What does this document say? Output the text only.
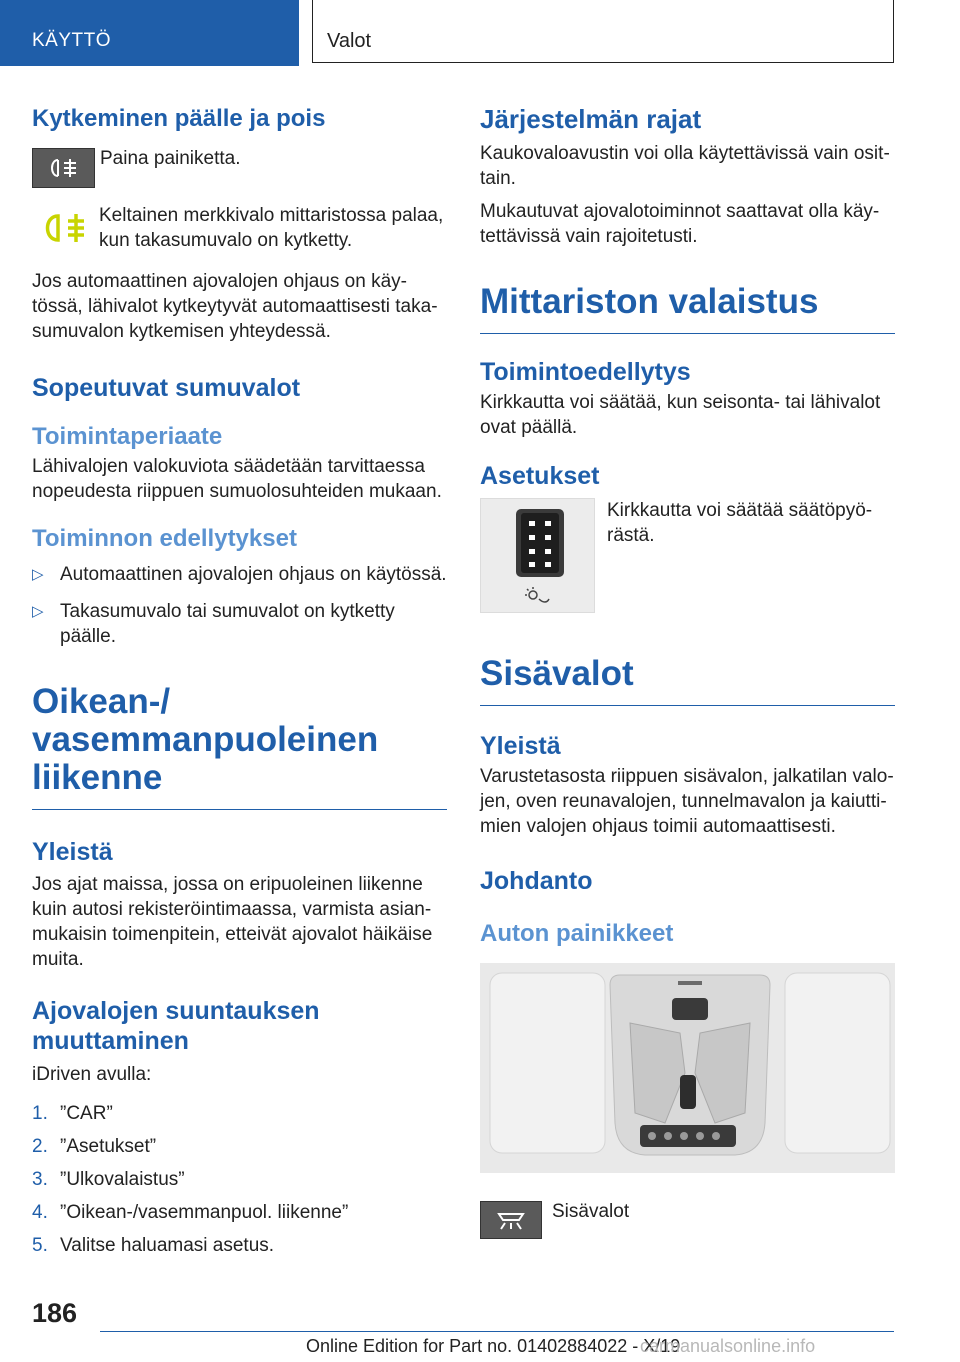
KÄYTTÖ	Valot
Kytkeminen päälle ja pois

Paina painiketta.

Keltainen merkkivalo mittaristossa palaa, kun takasumuvalo on kytketty.

Jos automaattinen ajovalojen ohjaus on käytössä, lähivalot kytkeytyvät automaattisesti takasumuvalon kytkemisen yhteydessä.

Sopeutuvat sumuvalot
Toimintaperiaate

Lähivalojen valokuviota säädetään tarvittaessa nopeudesta riippuen sumuolosuhteiden mukaan.

Toiminnon edellytykset
▷ Automaattinen ajovalojen ohjaus on käytössä.
▷ Takasumuvalo tai sumuvalot on kytketty päälle.
Oikean-/ vasemmanpuoleinen liikenne
Yleistä

Jos ajat maissa, jossa on eripuoleinen liikenne kuin autosi rekisteröintimaassa, varmista asianmukaisin toimenpitein, etteivät ajovalot häikäise muita.

Ajovalojen suuntauksen muuttaminen

iDriven avulla:

1. ”CAR”
2. ”Asetukset”
3. ”Ulkovalaistus”
4. ”Oikean-/vasemmanpuol. liikenne”
5. Valitse haluamasi asetus.
Järjestelmän rajat

Kaukovaloavustin voi olla käytettävissä vain osittain.

Mukautuvat ajovalotoiminnot saattavat olla käytettävissä vain rajoitetusti.

Mittariston valaistus
Toimintoedellytys

Kirkkautta voi säätää, kun seisonta- tai lähivalot ovat päällä.

Asetukset

Kirkkautta voi säätää säätöpyörästä.

Sisävalot
Yleistä

Varustetasosta riippuen sisävalon, jalkatilan valojen, oven reunavalojen, tunnelmavalon ja kaiuttimien valojen ohjaus toimii automaattisesti.

Johdanto
Auton painikkeet

Sisävalot

186
Online Edition for Part no. 01402884022 - X/19
carmanualsonline.info
